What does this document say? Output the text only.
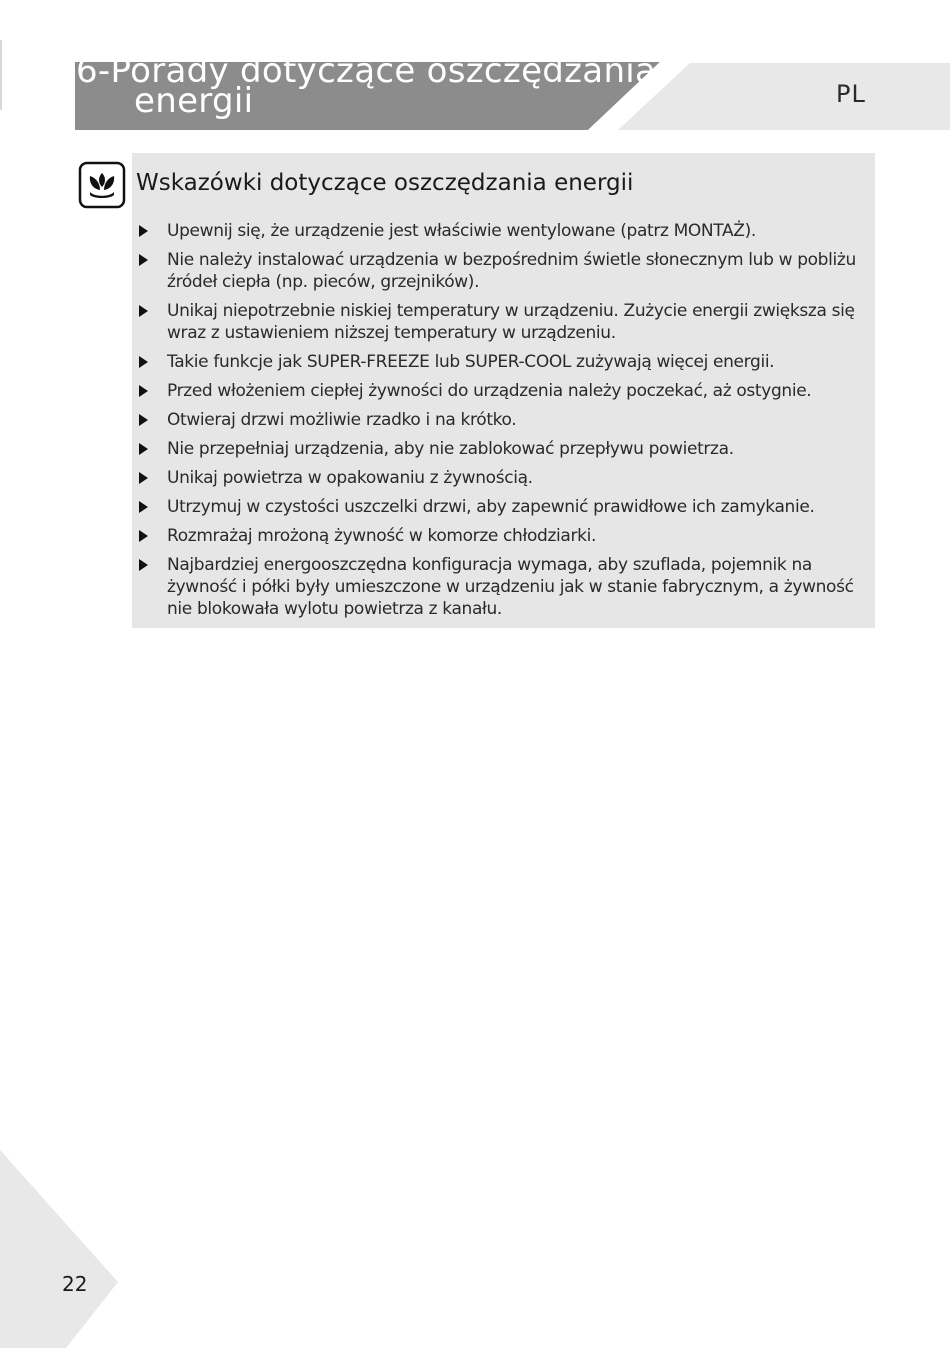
6-Porady dotyczące oszczędzania
energii	PL
Wskazówki dotyczące oszczędzania energii
Upewnij się, że urządzenie jest właściwie wentylowane (patrz MONTAŻ).
Nie należy instalować urządzenia w bezpośrednim świetle słonecznym lub w pobliżu źródeł ciepła (np. pieców, grzejników).
Unikaj niepotrzebnie niskiej temperatury w urządzeniu. Zużycie energii zwiększa się wraz z ustawieniem niższej temperatury w urządzeniu.
Takie funkcje jak SUPER-FREEZE lub SUPER-COOL zużywają więcej energii.
Przed włożeniem ciepłej żywności do urządzenia należy poczekać, aż ostygnie.
Otwieraj drzwi możliwie rzadko i na krótko.
Nie przepełniaj urządzenia, aby nie zablokować przepływu powietrza.
Unikaj powietrza w opakowaniu z żywnością.
Utrzymuj w czystości uszczelki drzwi, aby zapewnić prawidłowe ich zamykanie.
Rozmrażaj mrożoną żywność w komorze chłodziarki.
Najbardziej energooszczędna konfiguracja wymaga, aby szuflada, pojemnik na żywność i półki były umieszczone w urządzeniu jak w stanie fabrycznym, a żywność nie blokowała wylotu powietrza z kanału.
22
